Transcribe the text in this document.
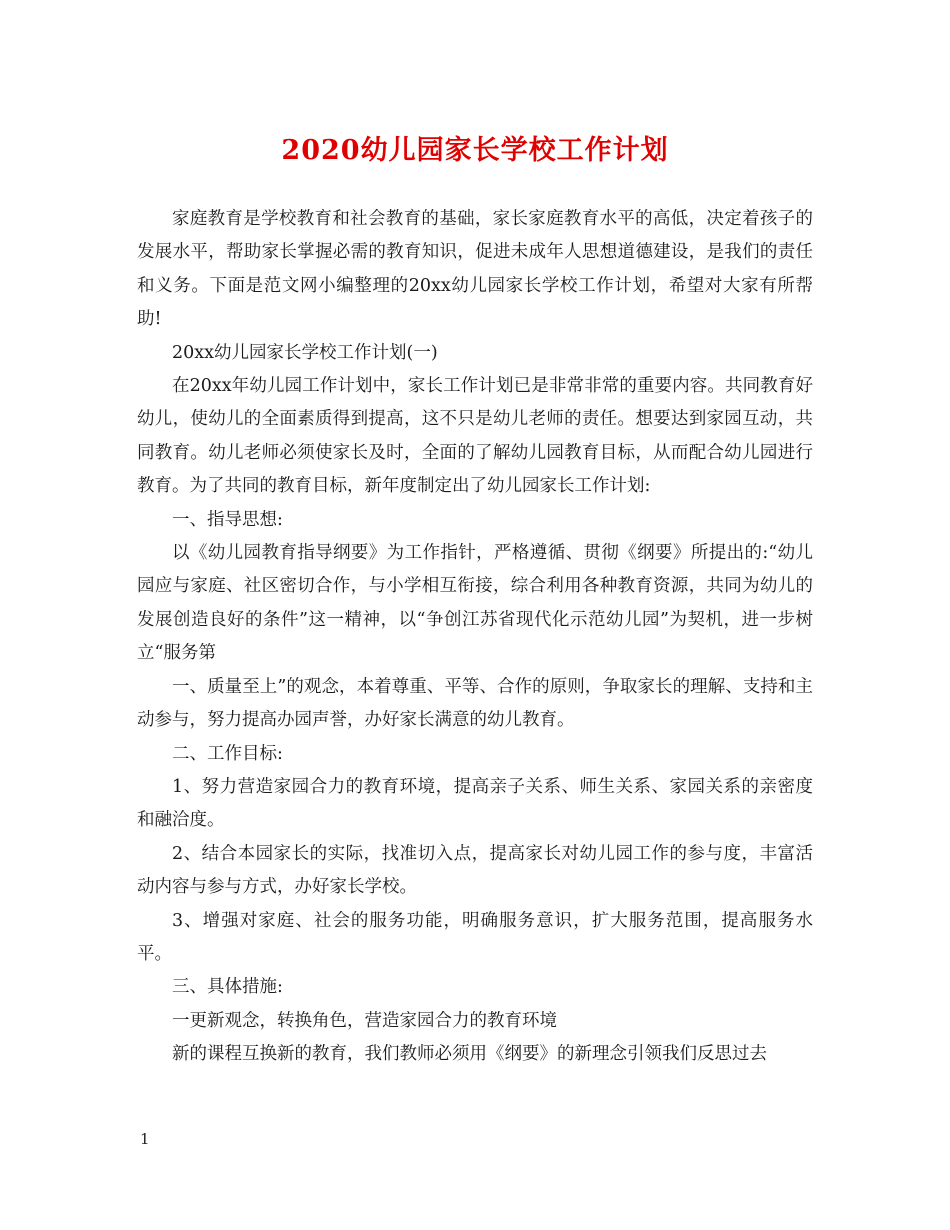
2020幼儿园家长学校工作计划

家庭教育是学校教育和社会教育的基础，家长家庭教育水平的高低，决定着孩子的发展水平，帮助家长掌握必需的教育知识，促进未成年人思想道德建设，是我们的责任和义务。下面是范文网小编整理的20xx幼儿园家长学校工作计划，希望对大家有所帮助!

20xx幼儿园家长学校工作计划(一)

在20xx年幼儿园工作计划中，家长工作计划已是非常非常的重要内容。共同教育好幼儿，使幼儿的全面素质得到提高，这不只是幼儿老师的责任。想要达到家园互动，共同教育。幼儿老师必须使家长及时，全面的了解幼儿园教育目标，从而配合幼儿园进行教育。为了共同的教育目标，新年度制定出了幼儿园家长工作计划:

一、指导思想:

以《幼儿园教育指导纲要》为工作指针，严格遵循、贯彻《纲要》所提出的:“幼儿园应与家庭、社区密切合作，与小学相互衔接，综合利用各种教育资源，共同为幼儿的发展创造良好的条件”这一精神，以“争创江苏省现代化示范幼儿园”为契机，进一步树立“服务第

一、质量至上”的观念，本着尊重、平等、合作的原则，争取家长的理解、支持和主动参与，努力提高办园声誉，办好家长满意的幼儿教育。

二、工作目标:

1、努力营造家园合力的教育环境，提高亲子关系、师生关系、家园关系的亲密度和融洽度。

2、结合本园家长的实际，找准切入点，提高家长对幼儿园工作的参与度，丰富活动内容与参与方式，办好家长学校。

3、增强对家庭、社会的服务功能，明确服务意识，扩大服务范围，提高服务水平。

三、具体措施:

一更新观念，转换角色，营造家园合力的教育环境

新的课程互换新的教育，我们教师必须用《纲要》的新理念引领我们反思过去

1
